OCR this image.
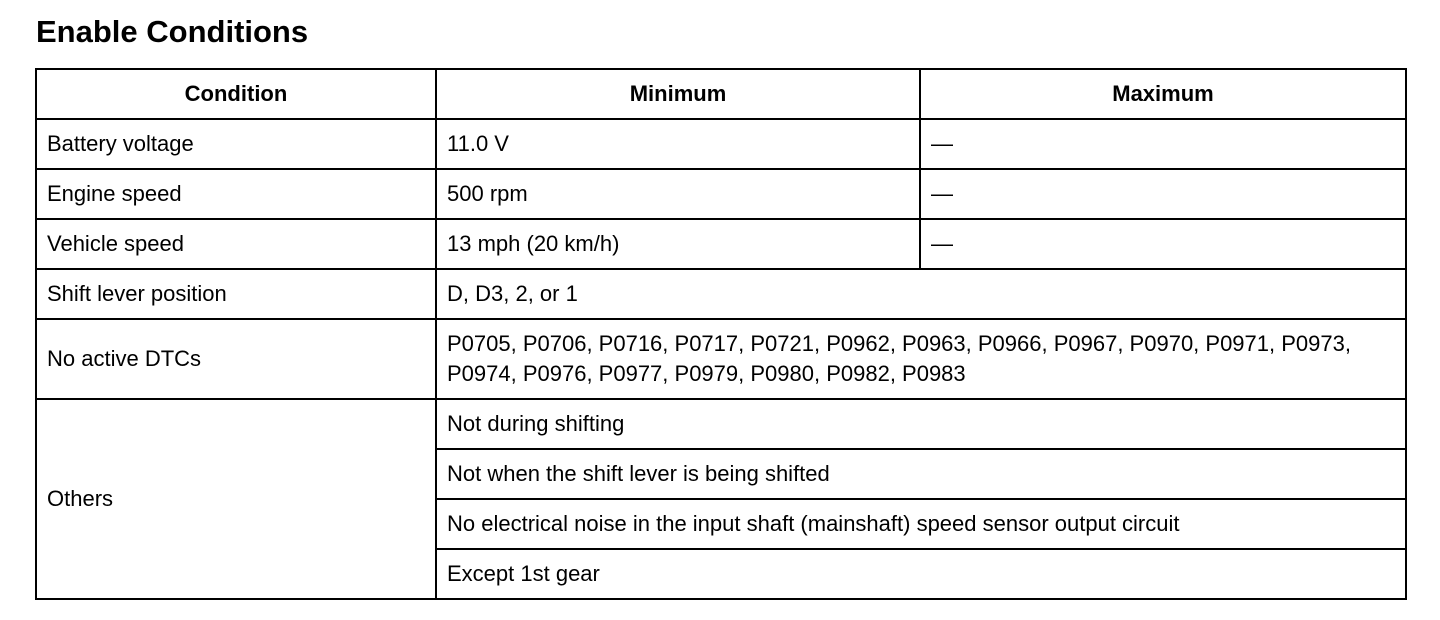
Enable Conditions
Condition	Minimum	Maximum
Battery voltage	11.0 V	—
Engine speed	500 rpm	—
Vehicle speed	13 mph (20 km/h)	—
Shift lever position	D, D3, 2, or 1	
No active DTCs	P0705, P0706, P0716, P0717, P0721, P0962, P0963, P0966, P0967, P0970, P0971, P0973, P0974, P0976, P0977, P0979, P0980, P0982, P0983	
Others	Not during shifting	
	Not when the shift lever is being shifted	
	No electrical noise in the input shaft (mainshaft) speed sensor output circuit	
	Except 1st gear	
